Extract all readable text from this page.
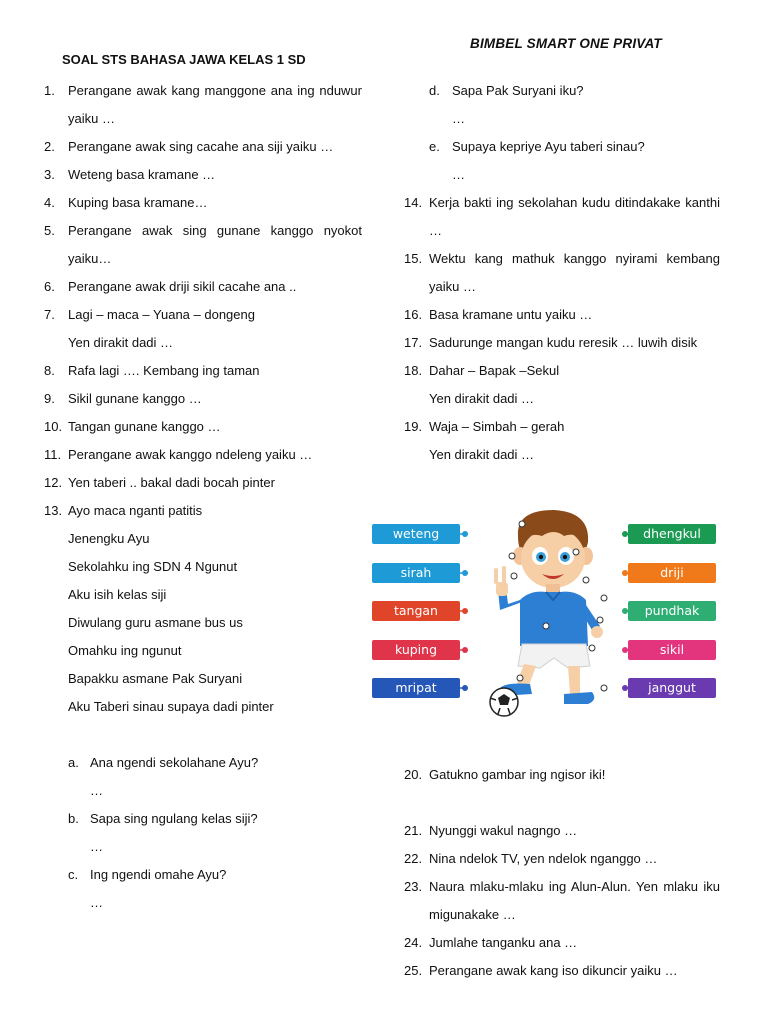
BIMBEL SMART ONE PRIVAT
SOAL STS BAHASA JAWA KELAS 1 SD
1. Perangane awak kang manggone ana ing nduwur yaiku …
2. Perangane awak sing cacahe ana siji yaiku …
3. Weteng basa kramane …
4. Kuping basa kramane…
5. Perangane awak sing gunane kanggo nyokot yaiku…
6. Perangane awak driji sikil cacahe ana ..
7. Lagi – maca – Yuana – dongeng
Yen dirakit dadi …
8. Rafa lagi …. Kembang ing taman
9. Sikil gunane kanggo …
10. Tangan gunane kanggo …
11. Perangane awak kanggo ndeleng yaiku …
12. Yen taberi .. bakal dadi bocah pinter
13. Ayo maca nganti patitis
Jenengku Ayu
Sekolahku ing SDN 4 Ngunut
Aku isih kelas siji
Diwulang guru asmane bus us
Omahku ing ngunut
Bapakku asmane Pak Suryani
Aku Taberi sinau supaya dadi pinter
a. Ana ngendi sekolahane Ayu?
…
b. Sapa sing ngulang kelas siji?
…
c. Ing ngendi omahe Ayu?
…
d. Sapa Pak Suryani iku?
…
e. Supaya kepriye Ayu taberi sinau?
…
14. Kerja bakti ing sekolahan kudu ditindakake kanthi …
15. Wektu kang mathuk kanggo nyirami kembang yaiku …
16. Basa kramane untu yaiku …
17. Sadurunge mangan kudu reresik … luwih disik
18. Dahar – Bapak –Sekul
Yen dirakit dadi …
19. Waja – Simbah – gerah
Yen dirakit dadi …
weteng
sirah
tangan
kuping
mripat
dhengkul
driji
pundhak
sikil
janggut
20. Gatukno gambar ing ngisor iki!
21. Nyunggi wakul nagngo …
22. Nina ndelok TV, yen ndelok nganggo …
23. Naura mlaku-mlaku ing Alun-Alun. Yen mlaku iku migunakake …
24. Jumlahe tanganku ana …
25. Perangane awak kang iso dikuncir yaiku …
